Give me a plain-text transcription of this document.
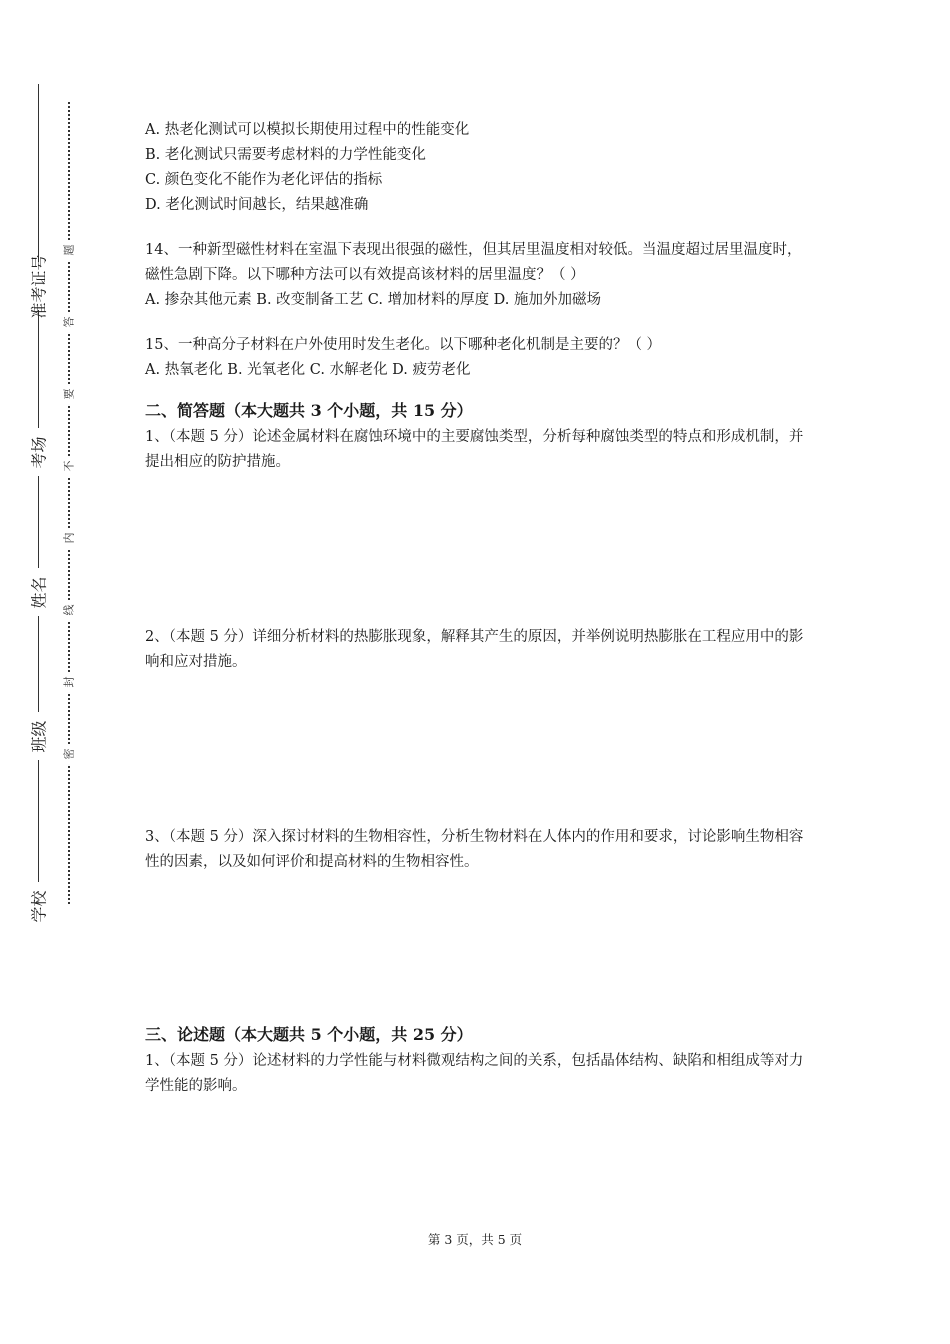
准考证号
考场
姓名
班级
学校
题
答
要
不
内
线
封
密
A. 热老化测试可以模拟长期使用过程中的性能变化
B. 老化测试只需要考虑材料的力学性能变化
C. 颜色变化不能作为老化评估的指标
D. 老化测试时间越长，结果越准确

14、一种新型磁性材料在室温下表现出很强的磁性，但其居里温度相对较低。当温度超过居里温度时，磁性急剧下降。以下哪种方法可以有效提高该材料的居里温度？（ ）

A. 掺杂其他元素 B. 改变制备工艺 C. 增加材料的厚度 D. 施加外加磁场

15、一种高分子材料在户外使用时发生老化。以下哪种老化机制是主要的？（ ）

A. 热氧老化 B. 光氧老化 C. 水解老化 D. 疲劳老化

二、简答题（本大题共 3 个小题，共 15 分）

1、（本题 5 分）论述金属材料在腐蚀环境中的主要腐蚀类型，分析每种腐蚀类型的特点和形成机制，并提出相应的防护措施。

2、（本题 5 分）详细分析材料的热膨胀现象，解释其产生的原因，并举例说明热膨胀在工程应用中的影响和应对措施。

3、（本题 5 分）深入探讨材料的生物相容性，分析生物材料在人体内的作用和要求，讨论影响生物相容性的因素，以及如何评价和提高材料的生物相容性。

三、论述题（本大题共 5 个小题，共 25 分）

1、（本题 5 分）论述材料的力学性能与材料微观结构之间的关系，包括晶体结构、缺陷和相组成等对力学性能的影响。

第 3 页，共 5 页
